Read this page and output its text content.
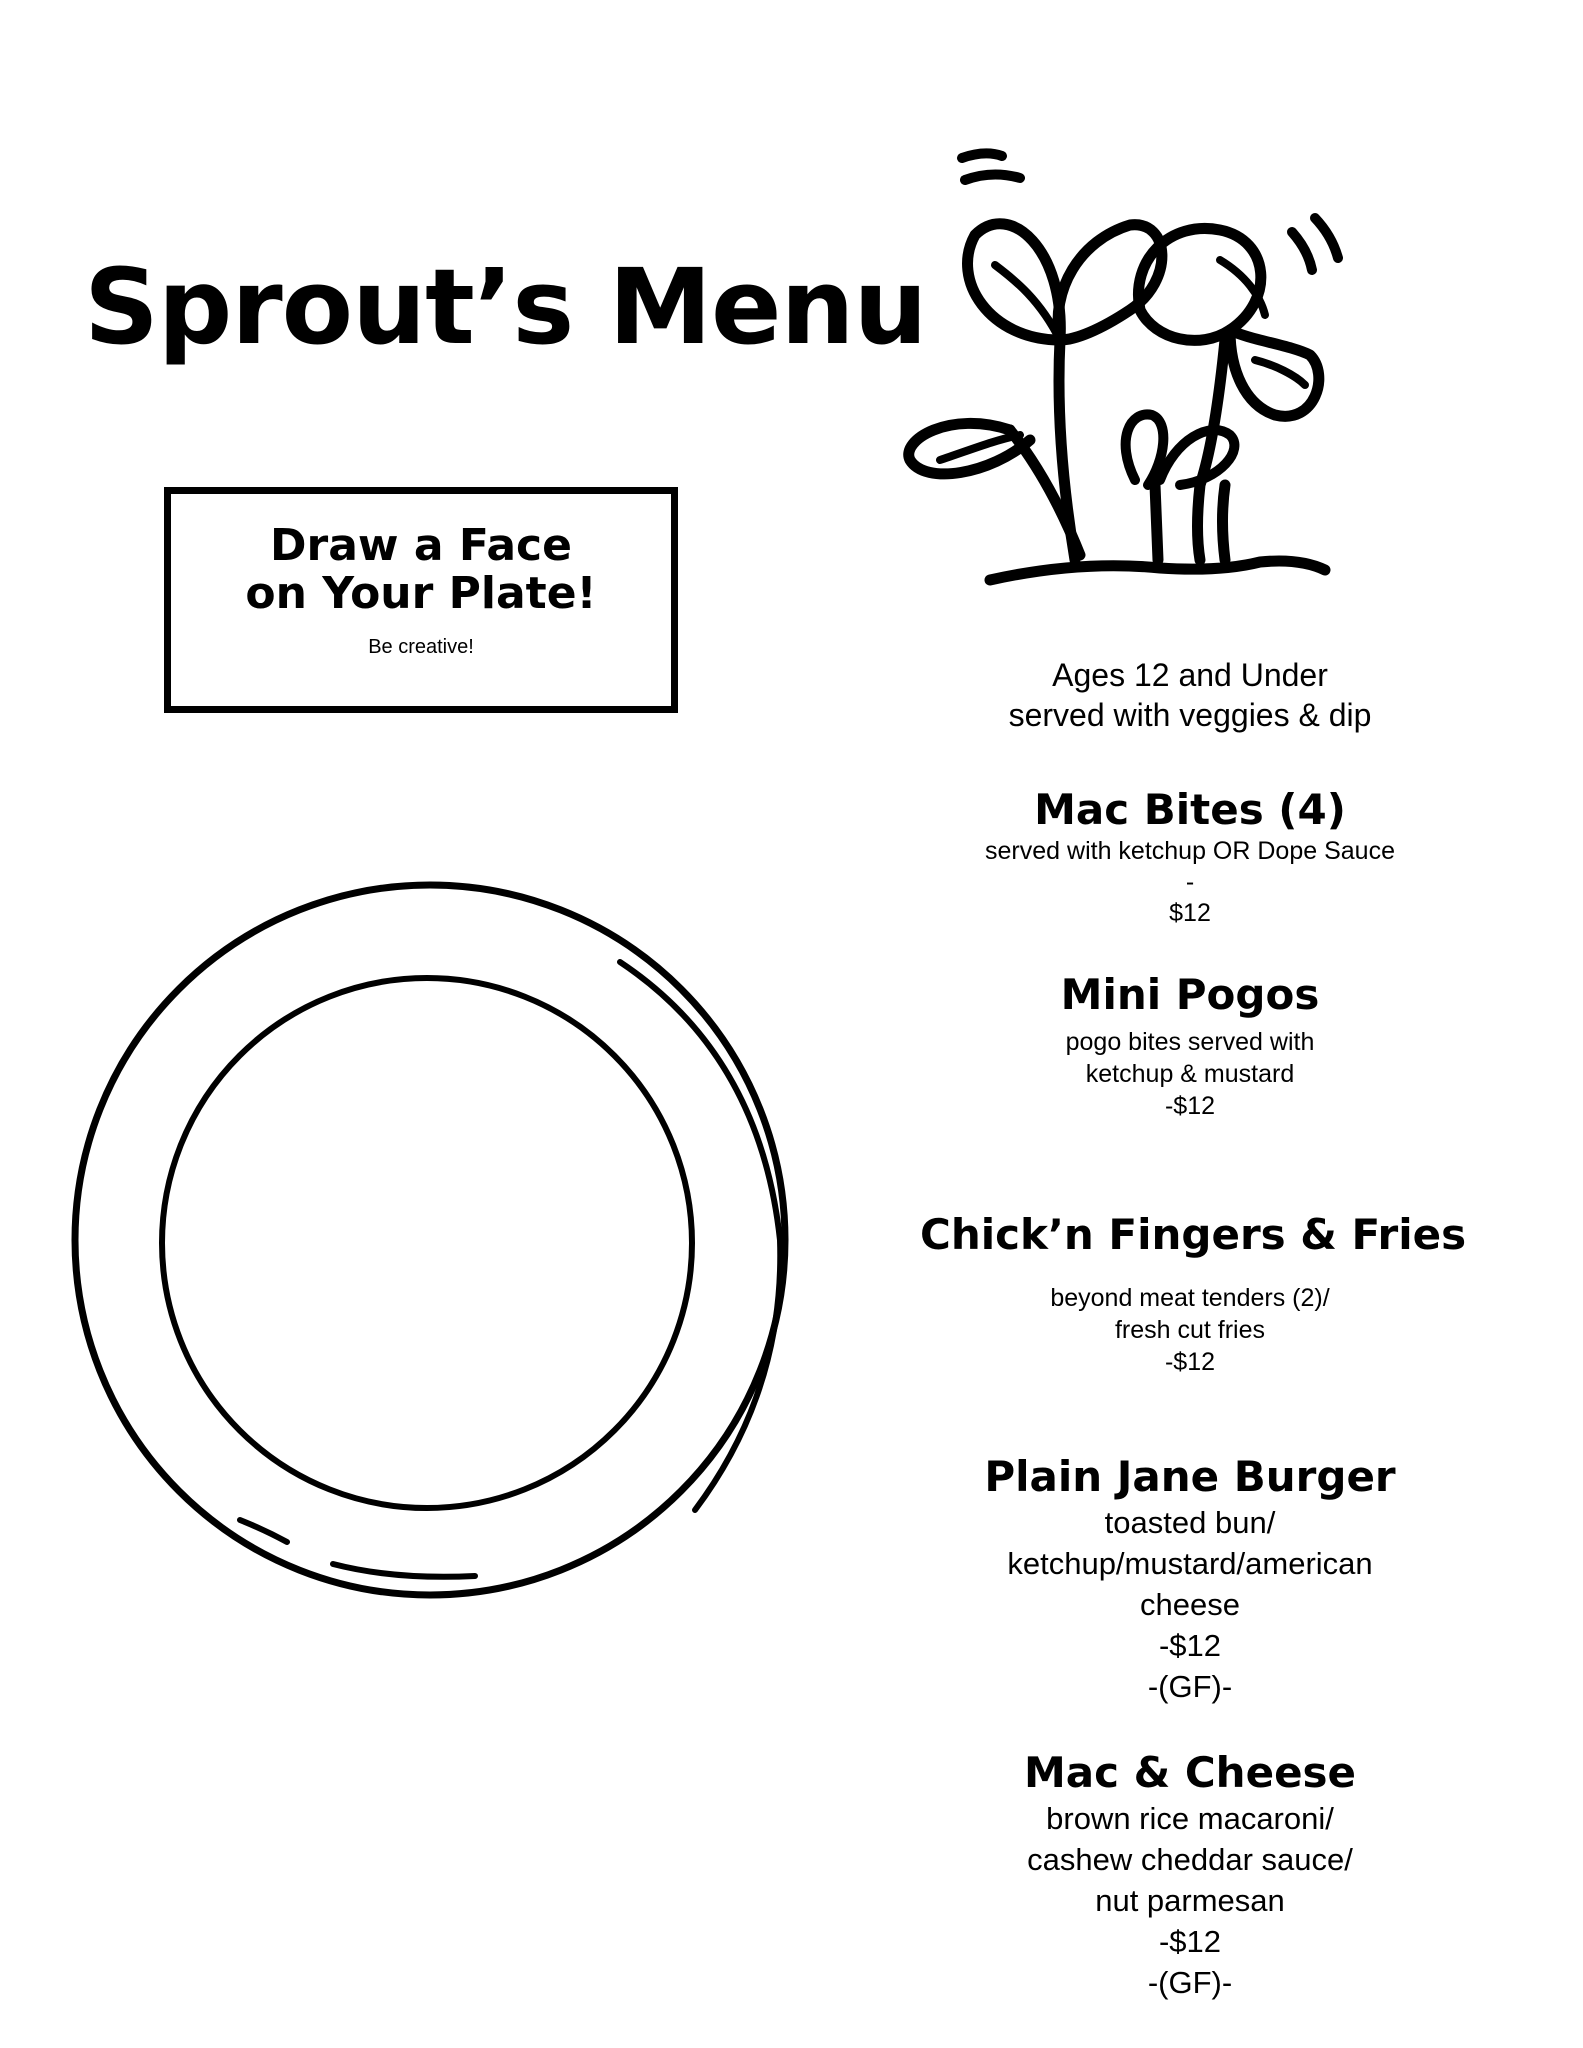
Sprout’s Menu
Draw a Face
on Your Plate!
Be creative!
Ages 12 and Under
served with veggies & dip
Mac Bites (4)
served with ketchup OR Dope Sauce
-
$12
Mini Pogos
pogo bites served with
ketchup & mustard
-$12
Chick’n Fingers & Fries
beyond meat tenders (2)/
fresh cut fries
-$12
Plain Jane Burger
toasted bun/
ketchup/mustard/american
cheese
-$12
-(GF)-
Mac & Cheese
brown rice macaroni/
cashew cheddar sauce/
nut parmesan
-$12
-(GF)-
